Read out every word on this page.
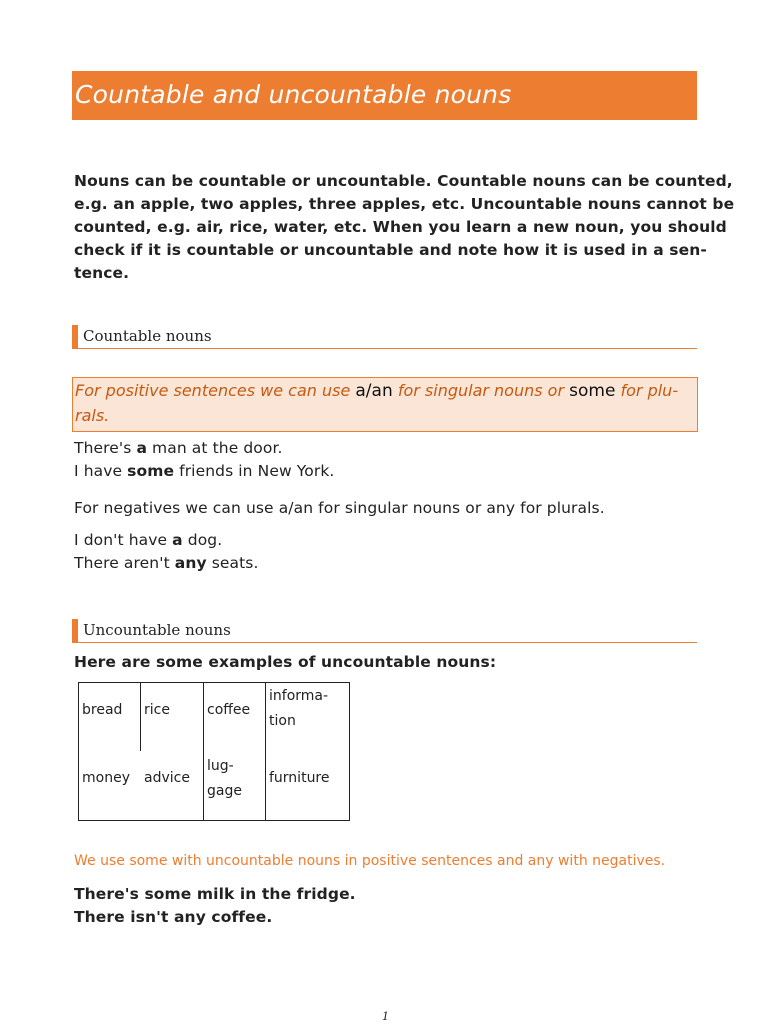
Countable and uncountable nouns
Nouns can be countable or uncountable. Countable nouns can be counted,
e.g. an apple, two apples, three apples, etc. Uncountable nouns cannot be
counted, e.g. air, rice, water, etc. When you learn a new noun, you should
check if it is countable or uncountable and note how it is used in a sen-
tence.
Countable nouns
For positive sentences we can use a/an for singular nouns or some for plu-
rals.
There's a man at the door.
I have some friends in New York.
For negatives we can use a/an for singular nouns or any for plurals.
I don't have a dog.
There aren't any seats.
Uncountable nouns
Here are some examples of uncountable nouns:
bread rice	coffee
informa-
tion
money advice
lug-
gage
furniture
We use some with uncountable nouns in positive sentences and any with negatives.
There's some milk in the fridge.
There isn't any coffee.
1
